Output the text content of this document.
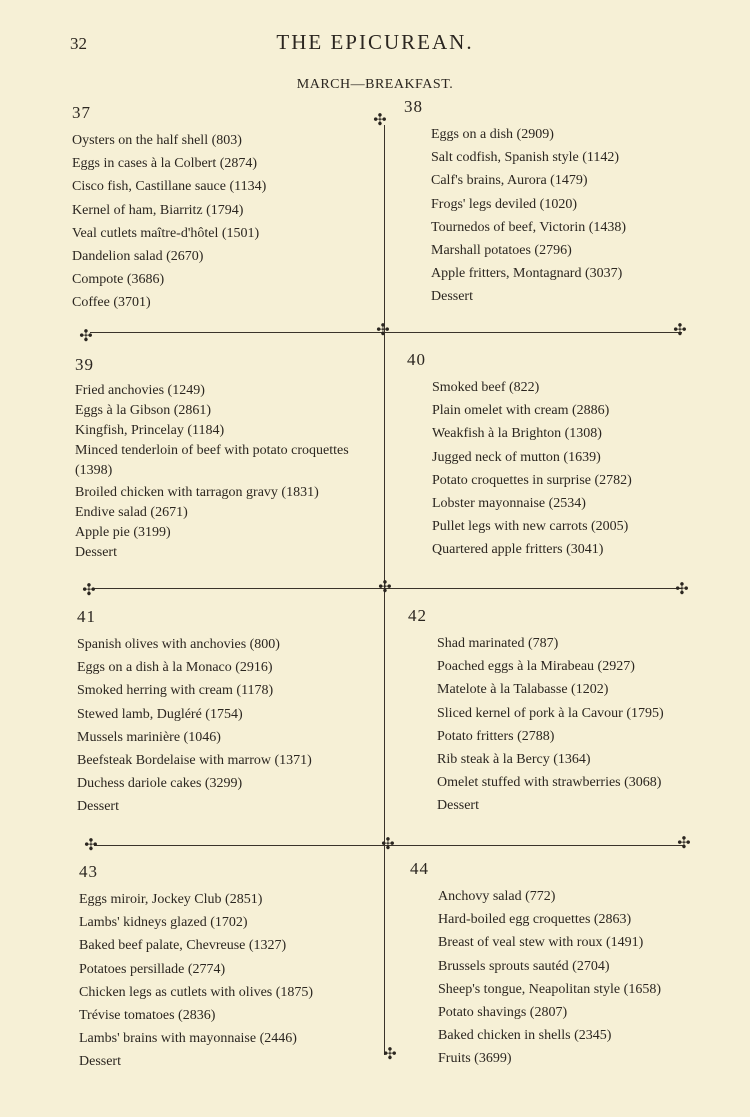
32	THE EPICUREAN.
MARCH—BREAKFAST.
✣
✣
✣	✣	✣
✣	✣	✣
✣	✣	✣
37
Oysters on the half shell (803)
Eggs in cases à la Colbert (2874)
Cisco fish, Castillane sauce (1134)
Kernel of ham, Biarritz (1794)
Veal cutlets maître-d'hôtel (1501)
Dandelion salad (2670)
Compote (3686)
Coffee (3701)
38
Eggs on a dish (2909)
Salt codfish, Spanish style (1142)
Calf's brains, Aurora (1479)
Frogs' legs deviled (1020)
Tournedos of beef, Victorin (1438)
Marshall potatoes (2796)
Apple fritters, Montagnard (3037)
Dessert
39
Fried anchovies (1249)
Eggs à la Gibson (2861)
Kingfish, Princelay (1184)
Minced tenderloin of beef with potato croquettes (1398)
Broiled chicken with tarragon gravy (1831)
Endive salad (2671)
Apple pie (3199)
Dessert
40
Smoked beef (822)
Plain omelet with cream (2886)
Weakfish à la Brighton (1308)
Jugged neck of mutton (1639)
Potato croquettes in surprise (2782)
Lobster mayonnaise (2534)
Pullet legs with new carrots (2005)
Quartered apple fritters (3041)
41
Spanish olives with anchovies (800)
Eggs on a dish à la Monaco (2916)
Smoked herring with cream (1178)
Stewed lamb, Dugléré (1754)
Mussels marinière (1046)
Beefsteak Bordelaise with marrow (1371)
Duchess dariole cakes (3299)
Dessert
42
Shad marinated (787)
Poached eggs à la Mirabeau (2927)
Matelote à la Talabasse (1202)
Sliced kernel of pork à la Cavour (1795)
Potato fritters (2788)
Rib steak à la Bercy (1364)
Omelet stuffed with strawberries (3068)
Dessert
43
Eggs miroir, Jockey Club (2851)
Lambs' kidneys glazed (1702)
Baked beef palate, Chevreuse (1327)
Potatoes persillade (2774)
Chicken legs as cutlets with olives (1875)
Trévise tomatoes (2836)
Lambs' brains with mayonnaise (2446)
Dessert
44
Anchovy salad (772)
Hard-boiled egg croquettes (2863)
Breast of veal stew with roux (1491)
Brussels sprouts sautéd (2704)
Sheep's tongue, Neapolitan style (1658)
Potato shavings (2807)
Baked chicken in shells (2345)
Fruits (3699)
